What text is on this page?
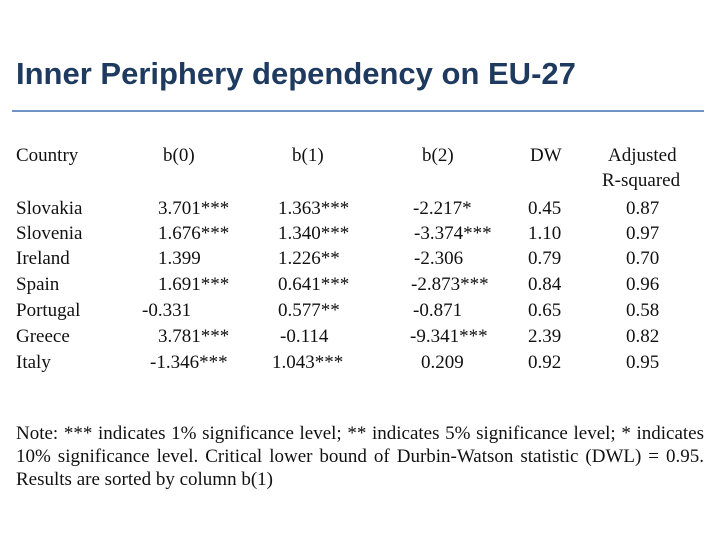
Inner Periphery dependency on EU-27
Country	b(0)	b(1)	b(2)	DW Adjusted
R-squared
Slovakia	3.701***	1.363***	-2.217*	0.45	0.87
Slovenia	1.676***	1.340***	-3.374*** 1.10	0.97
Ireland	1.399	1.226**	-2.306	0.79	0.70
Spain	1.691***	0.641***	-2.873*** 0.84	0.96
Portugal	-0.331	0.577**	-0.871	0.65	0.58
Greece	3.781***	-0.114	-9.341*** 2.39	0.82
Italy	-1.346*** 1.043***	0.209	0.92	0.95
Note: *** indicates 1% significance level; ** indicates 5% significance level; * indicates 10% significance level. Critical lower bound of Durbin-Watson statistic (DWL) = 0.95. Results are sorted by column b(1)
